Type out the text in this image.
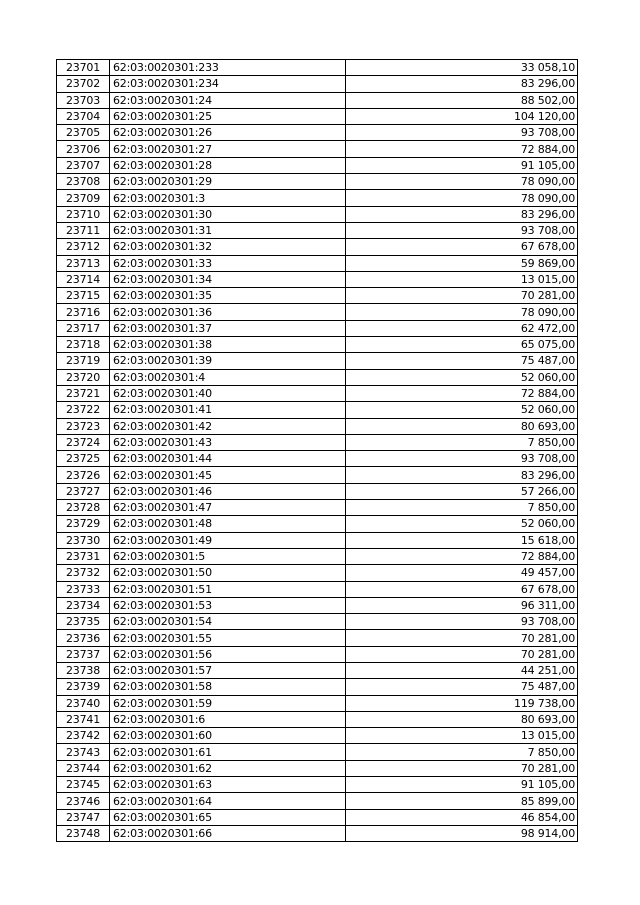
23701	62:03:0020301:233	33 058,10
23702	62:03:0020301:234	83 296,00
23703	62:03:0020301:24	88 502,00
23704	62:03:0020301:25	104 120,00
23705	62:03:0020301:26	93 708,00
23706	62:03:0020301:27	72 884,00
23707	62:03:0020301:28	91 105,00
23708	62:03:0020301:29	78 090,00
23709	62:03:0020301:3	78 090,00
23710	62:03:0020301:30	83 296,00
23711	62:03:0020301:31	93 708,00
23712	62:03:0020301:32	67 678,00
23713	62:03:0020301:33	59 869,00
23714	62:03:0020301:34	13 015,00
23715	62:03:0020301:35	70 281,00
23716	62:03:0020301:36	78 090,00
23717	62:03:0020301:37	62 472,00
23718	62:03:0020301:38	65 075,00
23719	62:03:0020301:39	75 487,00
23720	62:03:0020301:4	52 060,00
23721	62:03:0020301:40	72 884,00
23722	62:03:0020301:41	52 060,00
23723	62:03:0020301:42	80 693,00
23724	62:03:0020301:43	7 850,00
23725	62:03:0020301:44	93 708,00
23726	62:03:0020301:45	83 296,00
23727	62:03:0020301:46	57 266,00
23728	62:03:0020301:47	7 850,00
23729	62:03:0020301:48	52 060,00
23730	62:03:0020301:49	15 618,00
23731	62:03:0020301:5	72 884,00
23732	62:03:0020301:50	49 457,00
23733	62:03:0020301:51	67 678,00
23734	62:03:0020301:53	96 311,00
23735	62:03:0020301:54	93 708,00
23736	62:03:0020301:55	70 281,00
23737	62:03:0020301:56	70 281,00
23738	62:03:0020301:57	44 251,00
23739	62:03:0020301:58	75 487,00
23740	62:03:0020301:59	119 738,00
23741	62:03:0020301:6	80 693,00
23742	62:03:0020301:60	13 015,00
23743	62:03:0020301:61	7 850,00
23744	62:03:0020301:62	70 281,00
23745	62:03:0020301:63	91 105,00
23746	62:03:0020301:64	85 899,00
23747	62:03:0020301:65	46 854,00
23748	62:03:0020301:66	98 914,00
